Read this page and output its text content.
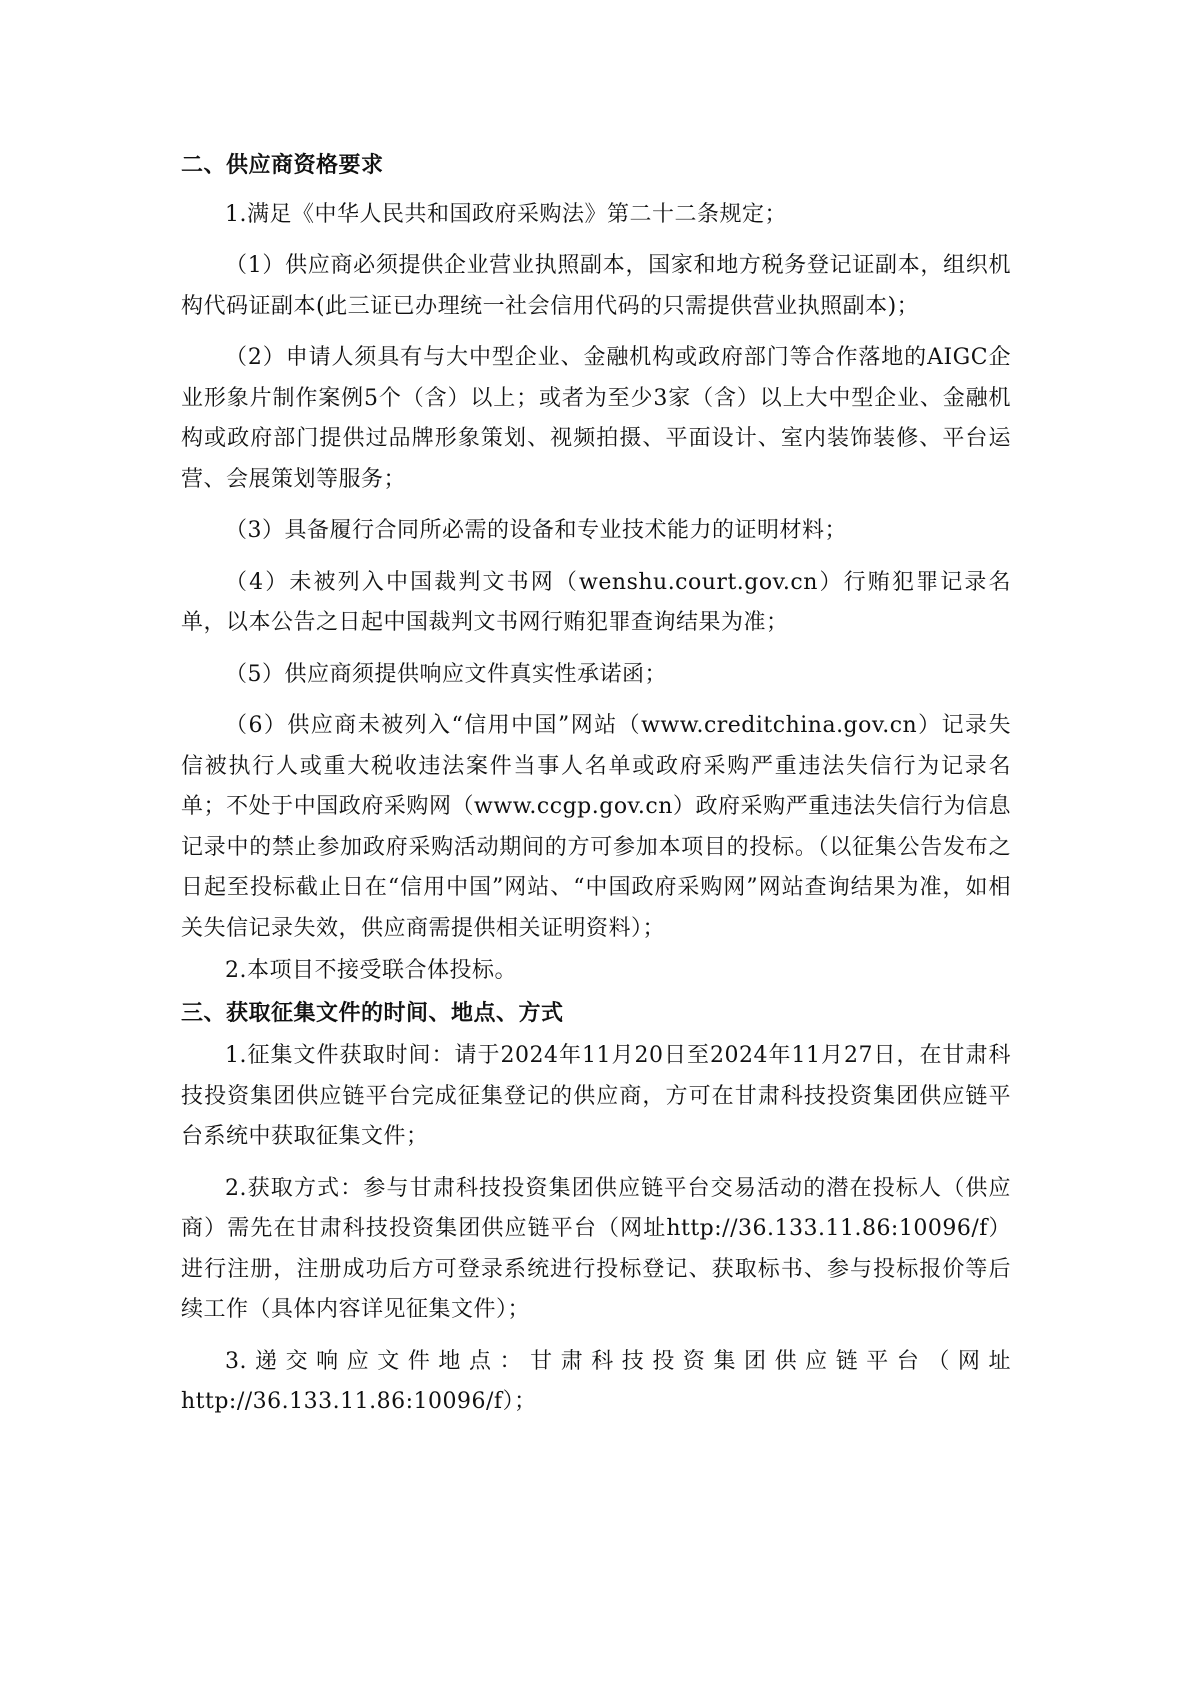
二、供应商资格要求

1.满足《中华人民共和国政府采购法》第二十二条规定；

（1）供应商必须提供企业营业执照副本，国家和地方税务登记证副本，组织机构代码证副本(此三证已办理统一社会信用代码的只需提供营业执照副本)；

（2）申请人须具有与大中型企业、金融机构或政府部门等合作落地的AIGC企业形象片制作案例5个（含）以上；或者为至少3家（含）以上大中型企业、金融机构或政府部门提供过品牌形象策划、视频拍摄、平面设计、室内装饰装修、平台运营、会展策划等服务；

（3）具备履行合同所必需的设备和专业技术能力的证明材料；

（4）未被列入中国裁判文书网（wenshu.court.gov.cn）行贿犯罪记录名单，以本公告之日起中国裁判文书网行贿犯罪查询结果为准；

（5）供应商须提供响应文件真实性承诺函；

（6）供应商未被列入“信用中国”网站（www.creditchina.gov.cn）记录失信被执行人或重大税收违法案件当事人名单或政府采购严重违法失信行为记录名单；不处于中国政府采购网（www.ccgp.gov.cn）政府采购严重违法失信行为信息记录中的禁止参加政府采购活动期间的方可参加本项目的投标。（以征集公告发布之日起至投标截止日在“信用中国”网站、“中国政府采购网”网站查询结果为准，如相关失信记录失效，供应商需提供相关证明资料）；

2.本项目不接受联合体投标。

三、获取征集文件的时间、地点、方式

1.征集文件获取时间：请于2024年11月20日至2024年11月27日，在甘肃科技投资集团供应链平台完成征集登记的供应商，方可在甘肃科技投资集团供应链平台系统中获取征集文件；

2.获取方式：参与甘肃科技投资集团供应链平台交易活动的潜在投标人（供应商）需先在甘肃科技投资集团供应链平台（网址http://36.133.11.86:10096/f）进行注册，注册成功后方可登录系统进行投标登记、获取标书、参与投标报价等后续工作（具体内容详见征集文件）；

3.递交响应文件地点：甘肃科技投资集团供应链平台（网址http://36.133.11.86:10096/f）；
